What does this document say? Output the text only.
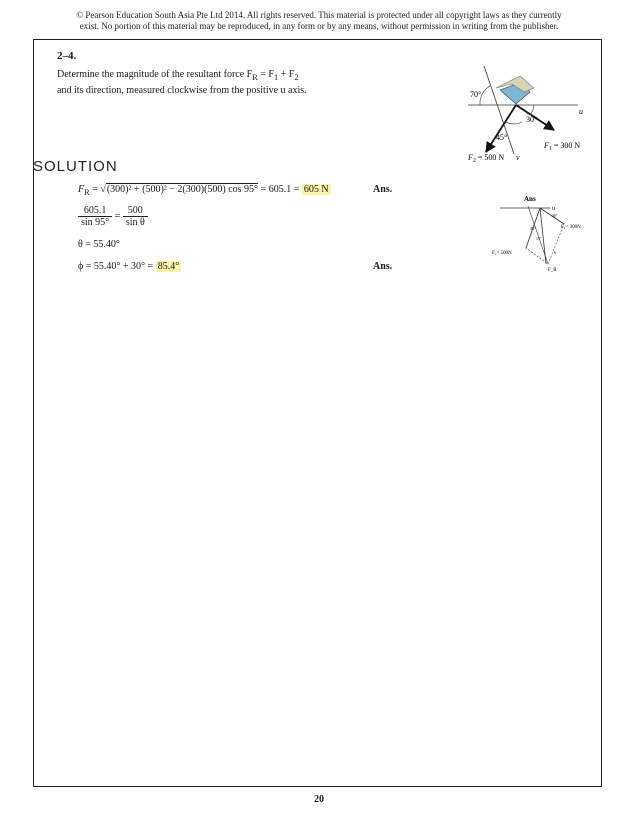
© Pearson Education South Asia Pte Ltd 2014. All rights reserved. This material is protected under all copyright laws as they currently
exist. No portion of this material may be reproduced, in any form or by any means, without permission in writing from the publisher.
2–4.
Determine the magnitude of the resultant force $F_R = F_1 + F_2$
and its direction, measured clockwise from the positive u axis.	70°
30°
45°
u
v
$F_1 = 300$ N
$F_2 = 500$ N
SOLUTION
$F_R = √(300)^2 + (500)^2 - 2(300)(500)$ cos 95° = 605.1 = 605 N	Ans.
$\frac{605.1}{\sin 95^\circ} = \frac{500}{\text{sin θ}}$
θ = 55.40°
ϕ = 55.40° + 30° = 85.4°	Ans.
Ans
u
F₁= 300N
F₂= 500N
F_R
v
30°
45°
15°
20
